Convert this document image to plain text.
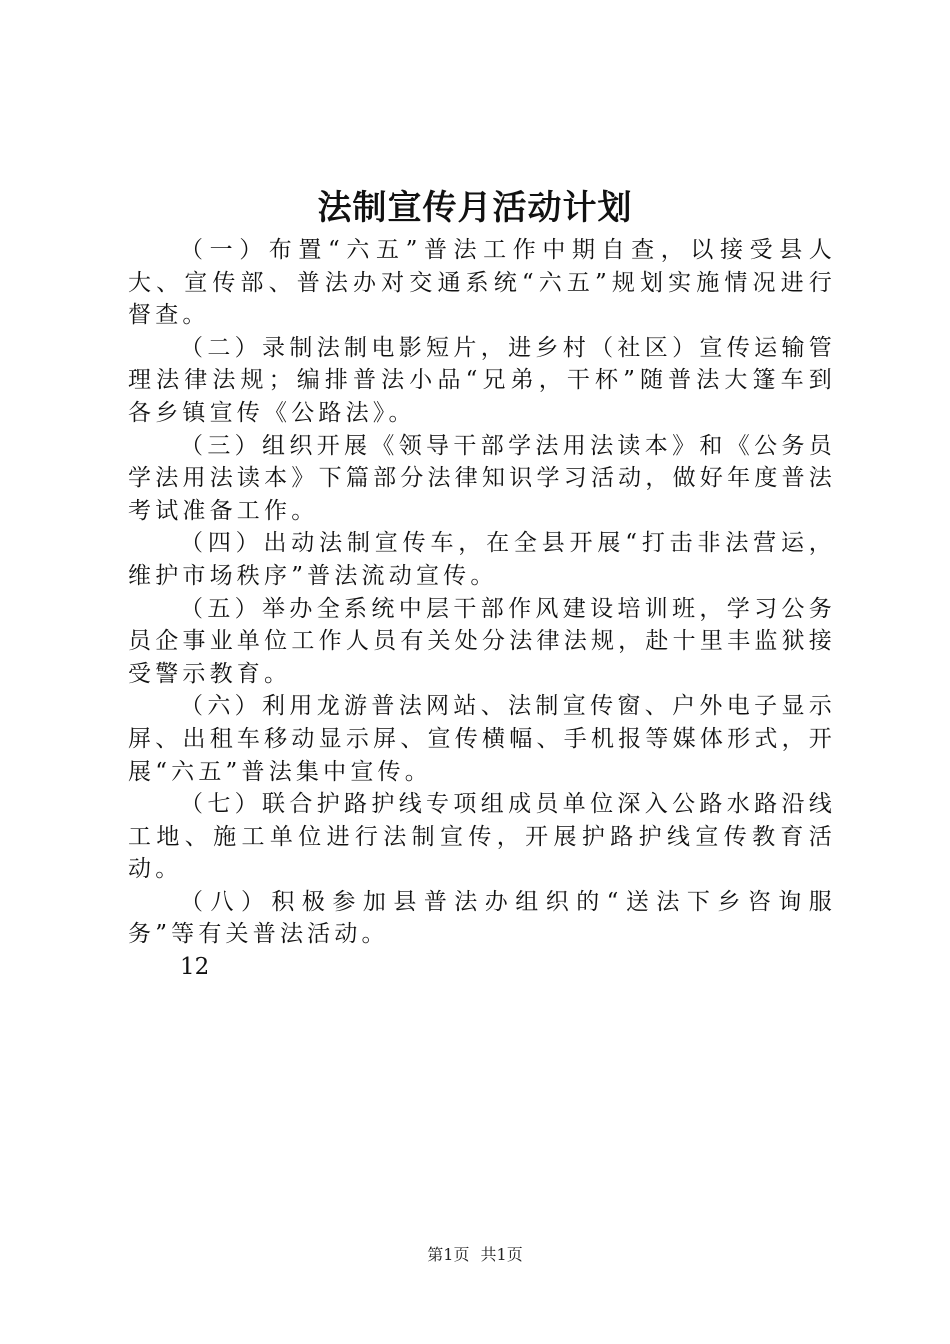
法制宣传月活动计划

（一）布置“六五”普法工作中期自查，以接受县人大、宣传部、普法办对交通系统“六五”规划实施情况进行督查。

（二）录制法制电影短片，进乡村（社区）宣传运输管理法律法规；编排普法小品“兄弟，干杯”随普法大篷车到各乡镇宣传《公路法》。

（三）组织开展《领导干部学法用法读本》和《公务员学法用法读本》下篇部分法律知识学习活动，做好年度普法考试准备工作。

（四）出动法制宣传车，在全县开展“打击非法营运，维护市场秩序”普法流动宣传。

（五）举办全系统中层干部作风建设培训班，学习公务员企事业单位工作人员有关处分法律法规，赴十里丰监狱接受警示教育。

（六）利用龙游普法网站、法制宣传窗、户外电子显示屏、出租车移动显示屏、宣传横幅、手机报等媒体形式，开展“六五”普法集中宣传。

（七）联合护路护线专项组成员单位深入公路水路沿线工地、施工单位进行法制宣传，开展护路护线宣传教育活动。

（八）积极参加县普法办组织的“送法下乡咨询服务”等有关普法活动。

12

第1页 共1页
